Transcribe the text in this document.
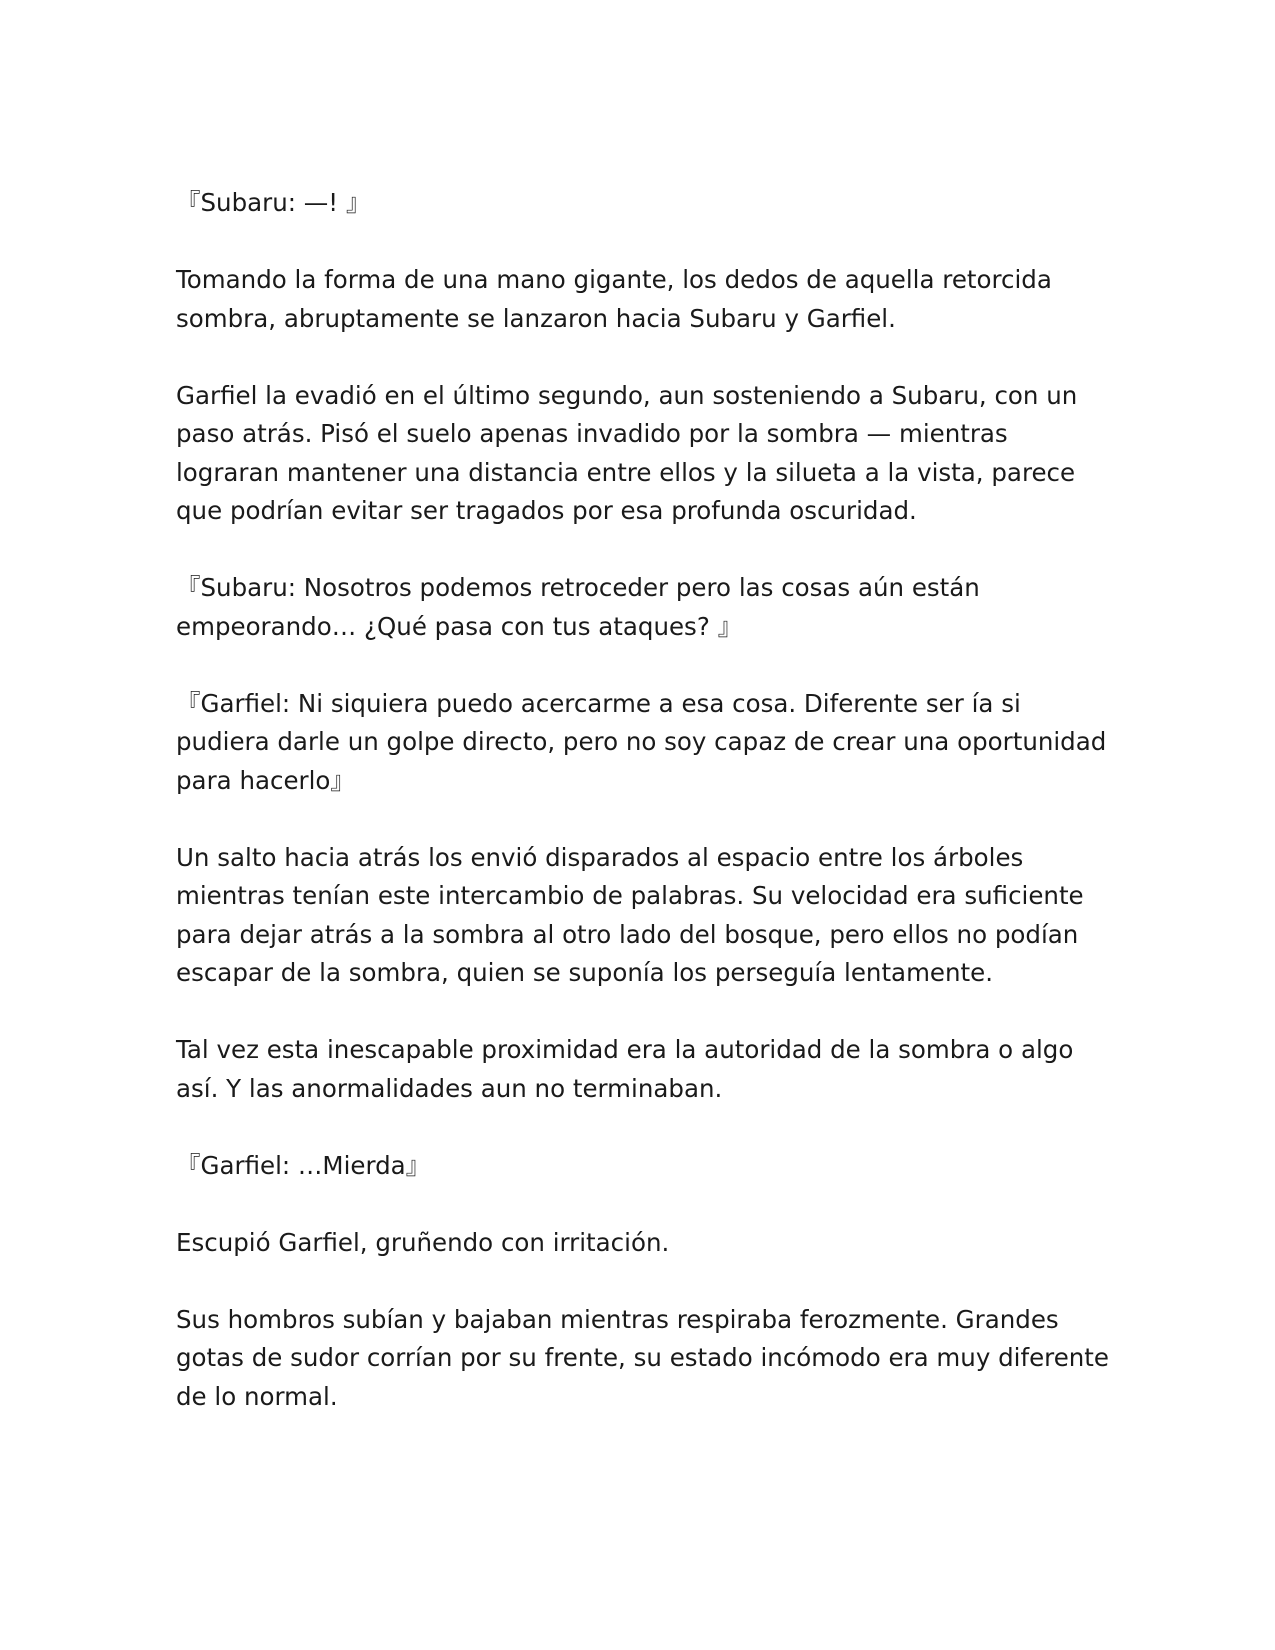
『Subaru: —! 』

Tomando la forma de una mano gigante, los dedos de aquella retorcida sombra, abruptamente se lanzaron hacia Subaru y Garfiel.

Garfiel la evadió en el último segundo, aun sosteniendo a Subaru, con un paso atrás. Pisó el suelo apenas invadido por la sombra — mientras lograran mantener una distancia entre ellos y la silueta a la vista, parece que podrían evitar ser tragados por esa profunda oscuridad.

『Subaru: Nosotros podemos retroceder pero las cosas aún están empeorando… ¿Qué pasa con tus ataques? 』

『Garfiel: Ni siquiera puedo acercarme a esa cosa. Diferente ser ía si pudiera darle un golpe directo, pero no soy capaz de crear una oportunidad para hacerlo』

Un salto hacia atrás los envió disparados al espacio entre los árboles mientras tenían este intercambio de palabras. Su velocidad era suficiente para dejar atrás a la sombra al otro lado del bosque, pero ellos no podían escapar de la sombra, quien se suponía los perseguía lentamente.

Tal vez esta inescapable proximidad era la autoridad de la sombra o algo así. Y las anormalidades aun no terminaban.

『Garfiel: …Mierda』

Escupió Garfiel, gruñendo con irritación.

Sus hombros subían y bajaban mientras respiraba ferozmente. Grandes gotas de sudor corrían por su frente, su estado incómodo era muy diferente de lo normal.
